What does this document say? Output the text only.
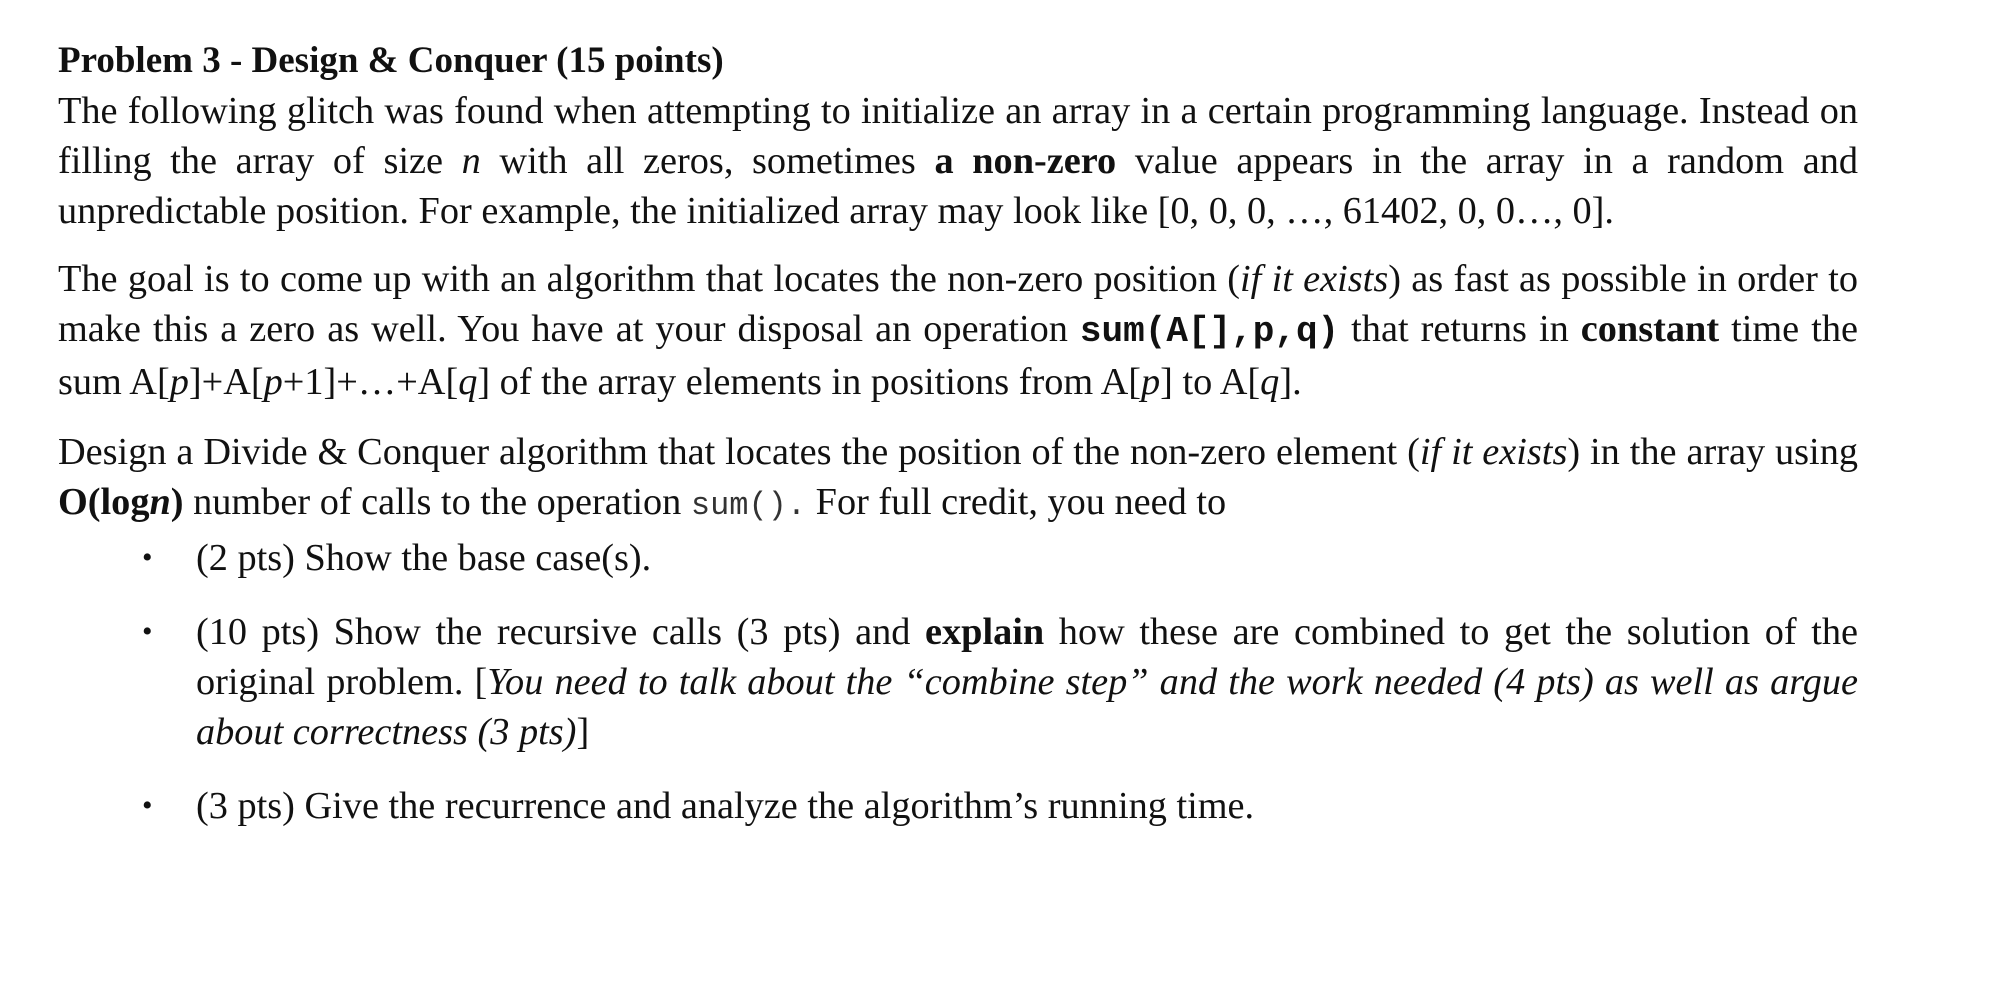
Problem 3 - Design & Conquer (15 points)

The following glitch was found when attempting to initialize an array in a certain programming language. Instead on filling the array of size n with all zeros, sometimes a non-zero value appears in the array in a random and unpredictable position. For example, the initialized array may look like [0, 0, 0, …, 61402, 0, 0…, 0].

The goal is to come up with an algorithm that locates the non-zero position (if it exists) as fast as possible in order to make this a zero as well. You have at your disposal an operation sum(A[],p,q) that returns in constant time the sum A[p]+A[p+1]+…+A[q] of the array elements in positions from A[p] to A[q].

Design a Divide & Conquer algorithm that locates the position of the non-zero element (if it exists) in the array using O(logn) number of calls to the operation sum(). For full credit, you need to

• (2 pts) Show the base case(s).
• (10 pts) Show the recursive calls (3 pts) and explain how these are combined to get the solution of the original problem. [You need to talk about the “combine step” and the work needed (4 pts) as well as argue about correctness (3 pts)]
• (3 pts) Give the recurrence and analyze the algorithm’s running time.
